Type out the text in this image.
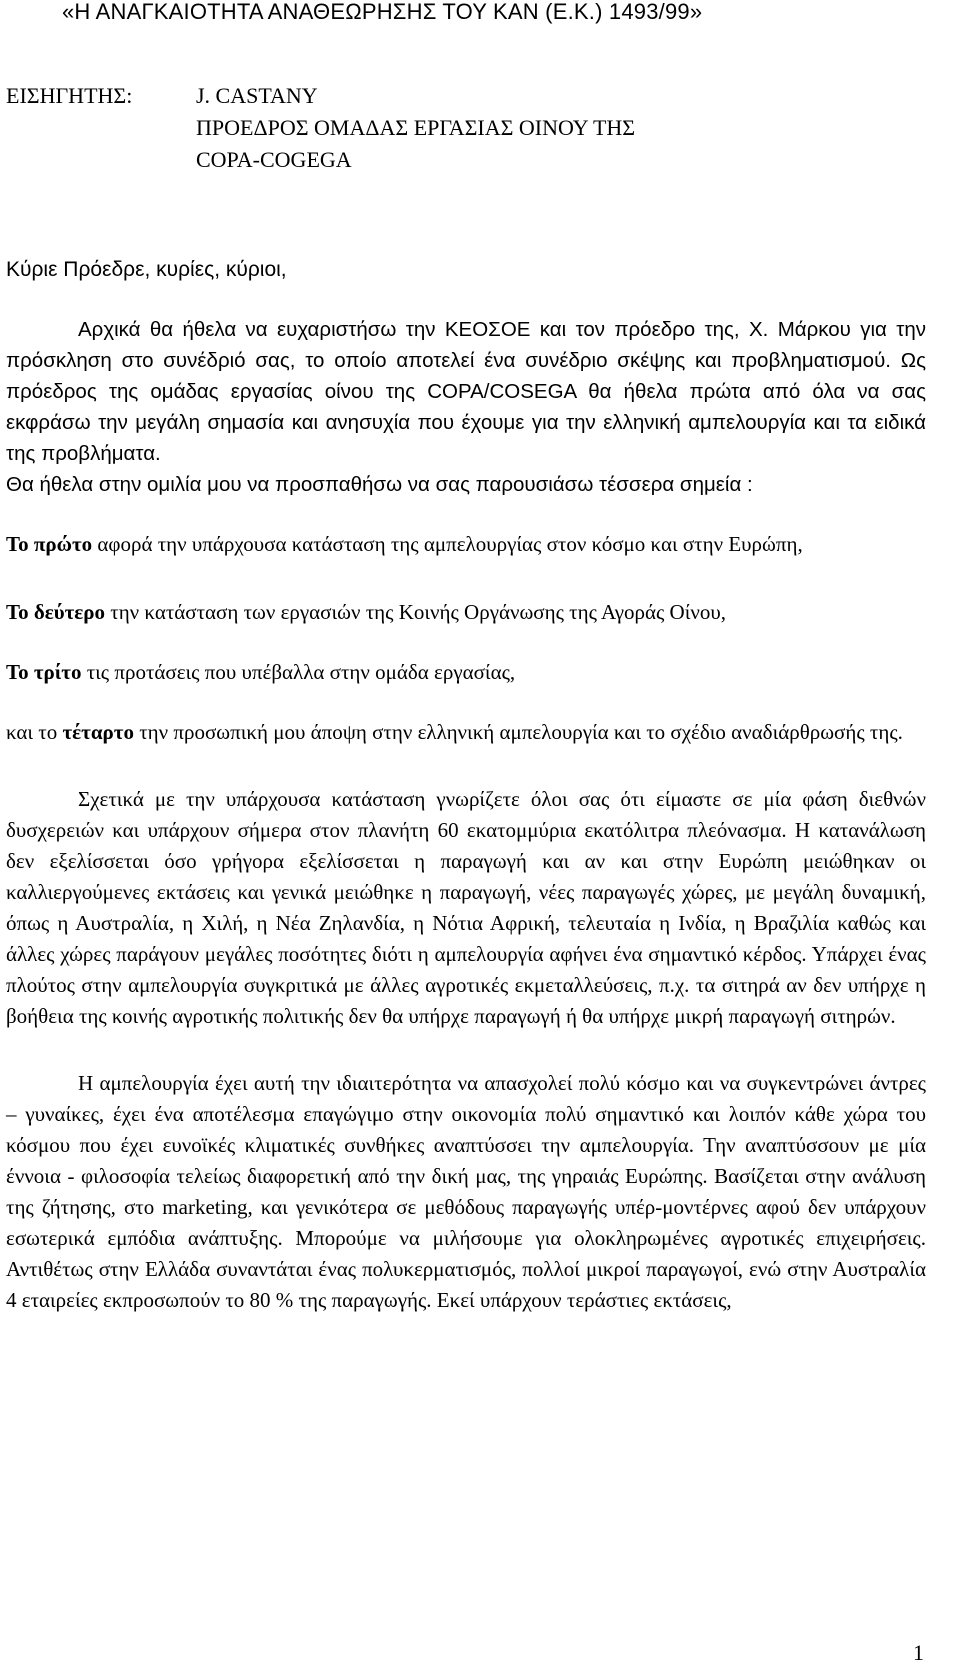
«Η ΑΝΑΓΚΑΙΟΤΗΤΑ ΑΝΑΘΕΩΡΗΣΗΣ ΤΟΥ ΚΑΝ (Ε.Κ.) 1493/99»
ΕΙΣΗΓΗΤΗΣ:	J. CASTANY
ΠΡΟΕΔΡΟΣ ΟΜΑΔΑΣ ΕΡΓΑΣΙΑΣ ΟΙΝΟΥ ΤΗΣ
COPA-COGEGA
Κύριε Πρόεδρε, κυρίες, κύριοι,

Αρχικά θα ήθελα να ευχαριστήσω την ΚΕΟΣΟΕ και τον πρόεδρο της, Χ. Μάρκου για την πρόσκληση στο συνέδριό σας, το οποίο αποτελεί ένα συνέδριο σκέψης και προβληματισμού. Ως πρόεδρος της ομάδας εργασίας οίνου της COPA/COSEGA θα ήθελα πρώτα από όλα να σας εκφράσω την μεγάλη σημασία και ανησυχία που έχουμε για την ελληνική αμπελουργία και τα ειδικά της προβλήματα.

Θα ήθελα στην ομιλία μου να προσπαθήσω να σας παρουσιάσω τέσσερα σημεία :

Το πρώτο αφορά την υπάρχουσα κατάσταση της αμπελουργίας στον κόσμο και στην Ευρώπη,

Το δεύτερο την κατάσταση των εργασιών της Κοινής Οργάνωσης της Αγοράς Οίνου,

Το τρίτο τις προτάσεις που υπέβαλλα στην ομάδα εργασίας,

και το τέταρτο την προσωπική μου άποψη στην ελληνική αμπελουργία και το σχέδιο αναδιάρθρωσής της.

Σχετικά με την υπάρχουσα κατάσταση γνωρίζετε όλοι σας ότι είμαστε σε μία φάση διεθνών δυσχερειών και υπάρχουν σήμερα στον πλανήτη 60 εκατομμύρια εκατόλιτρα πλεόνασμα. Η κατανάλωση δεν εξελίσσεται όσο γρήγορα εξελίσσεται η παραγωγή και αν και στην Ευρώπη μειώθηκαν οι καλλιεργούμενες εκτάσεις και γενικά μειώθηκε η παραγωγή, νέες παραγωγές χώρες, με μεγάλη δυναμική, όπως η Αυστραλία, η Χιλή, η Νέα Ζηλανδία, η Νότια Αφρική, τελευταία η Ινδία, η Βραζιλία καθώς και άλλες χώρες παράγουν μεγάλες ποσότητες διότι η αμπελουργία αφήνει ένα σημαντικό κέρδος. Υπάρχει ένας πλούτος στην αμπελουργία συγκριτικά με άλλες αγροτικές εκμεταλλεύσεις, π.χ. τα σιτηρά αν δεν υπήρχε η βοήθεια της κοινής αγροτικής πολιτικής δεν θα υπήρχε παραγωγή ή θα υπήρχε μικρή παραγωγή σιτηρών.

Η αμπελουργία έχει αυτή την ιδιαιτερότητα να απασχολεί πολύ κόσμο και να συγκεντρώνει άντρες – γυναίκες, έχει ένα αποτέλεσμα επαγώγιμο στην οικονομία πολύ σημαντικό και λοιπόν κάθε χώρα του κόσμου που έχει ευνοϊκές κλιματικές συνθήκες αναπτύσσει την αμπελουργία. Την αναπτύσσουν με μία έννοια - φιλοσοφία τελείως διαφορετική από την δική μας, της γηραιάς Ευρώπης. Βασίζεται στην ανάλυση της ζήτησης, στο marketing, και γενικότερα σε μεθόδους παραγωγής υπέρ-μοντέρνες αφού δεν υπάρχουν εσωτερικά εμπόδια ανάπτυξης. Μπορούμε να μιλήσουμε για ολοκληρωμένες αγροτικές επιχειρήσεις. Αντιθέτως στην Ελλάδα συναντάται ένας πολυκερματισμός, πολλοί μικροί παραγωγοί, ενώ στην Αυστραλία 4 εταιρείες εκπροσωπούν το 80 % της παραγωγής. Εκεί υπάρχουν τεράστιες εκτάσεις,

1
